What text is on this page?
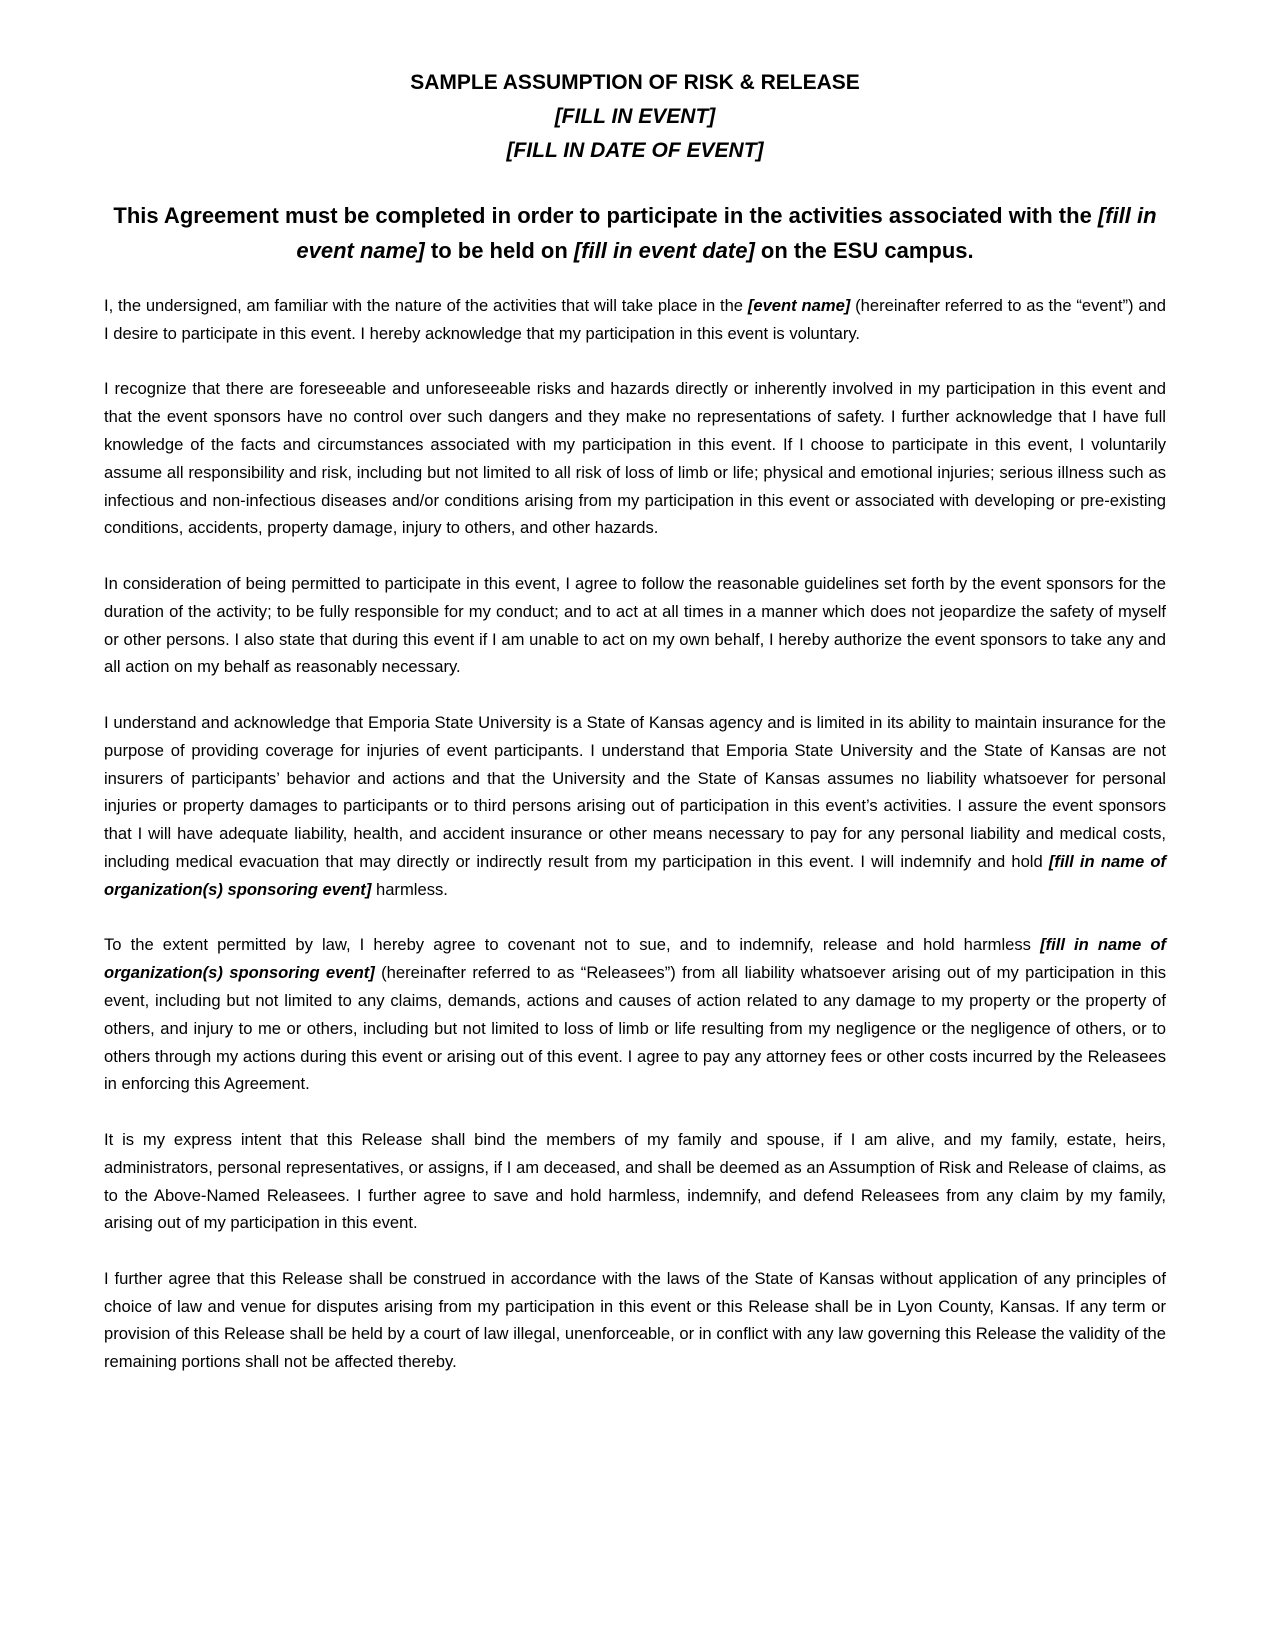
SAMPLE ASSUMPTION OF RISK & RELEASE

[FILL IN EVENT]

[FILL IN DATE OF EVENT]

This Agreement must be completed in order to participate in the activities associated with the [fill in event name] to be held on [fill in event date] on the ESU campus.

I, the undersigned, am familiar with the nature of the activities that will take place in the [event name] (hereinafter referred to as the “event”) and I desire to participate in this event. I hereby acknowledge that my participation in this event is voluntary.

I recognize that there are foreseeable and unforeseeable risks and hazards directly or inherently involved in my participation in this event and that the event sponsors have no control over such dangers and they make no representations of safety. I further acknowledge that I have full knowledge of the facts and circumstances associated with my participation in this event. If I choose to participate in this event, I voluntarily assume all responsibility and risk, including but not limited to all risk of loss of limb or life; physical and emotional injuries; serious illness such as infectious and non-infectious diseases and/or conditions arising from my participation in this event or associated with developing or pre-existing conditions, accidents, property damage, injury to others, and other hazards.

In consideration of being permitted to participate in this event, I agree to follow the reasonable guidelines set forth by the event sponsors for the duration of the activity; to be fully responsible for my conduct; and to act at all times in a manner which does not jeopardize the safety of myself or other persons. I also state that during this event if I am unable to act on my own behalf, I hereby authorize the event sponsors to take any and all action on my behalf as reasonably necessary.

I understand and acknowledge that Emporia State University is a State of Kansas agency and is limited in its ability to maintain insurance for the purpose of providing coverage for injuries of event participants. I understand that Emporia State University and the State of Kansas are not insurers of participants’ behavior and actions and that the University and the State of Kansas assumes no liability whatsoever for personal injuries or property damages to participants or to third persons arising out of participation in this event’s activities. I assure the event sponsors that I will have adequate liability, health, and accident insurance or other means necessary to pay for any personal liability and medical costs, including medical evacuation that may directly or indirectly result from my participation in this event. I will indemnify and hold [fill in name of organization(s) sponsoring event] harmless.

To the extent permitted by law, I hereby agree to covenant not to sue, and to indemnify, release and hold harmless [fill in name of organization(s) sponsoring event] (hereinafter referred to as “Releasees”) from all liability whatsoever arising out of my participation in this event, including but not limited to any claims, demands, actions and causes of action related to any damage to my property or the property of others, and injury to me or others, including but not limited to loss of limb or life resulting from my negligence or the negligence of others, or to others through my actions during this event or arising out of this event. I agree to pay any attorney fees or other costs incurred by the Releasees in enforcing this Agreement.

It is my express intent that this Release shall bind the members of my family and spouse, if I am alive, and my family, estate, heirs, administrators, personal representatives, or assigns, if I am deceased, and shall be deemed as an Assumption of Risk and Release of claims, as to the Above-Named Releasees. I further agree to save and hold harmless, indemnify, and defend Releasees from any claim by my family, arising out of my participation in this event.

I further agree that this Release shall be construed in accordance with the laws of the State of Kansas without application of any principles of choice of law and venue for disputes arising from my participation in this event or this Release shall be in Lyon County, Kansas. If any term or provision of this Release shall be held by a court of law illegal, unenforceable, or in conflict with any law governing this Release the validity of the remaining portions shall not be affected thereby.
